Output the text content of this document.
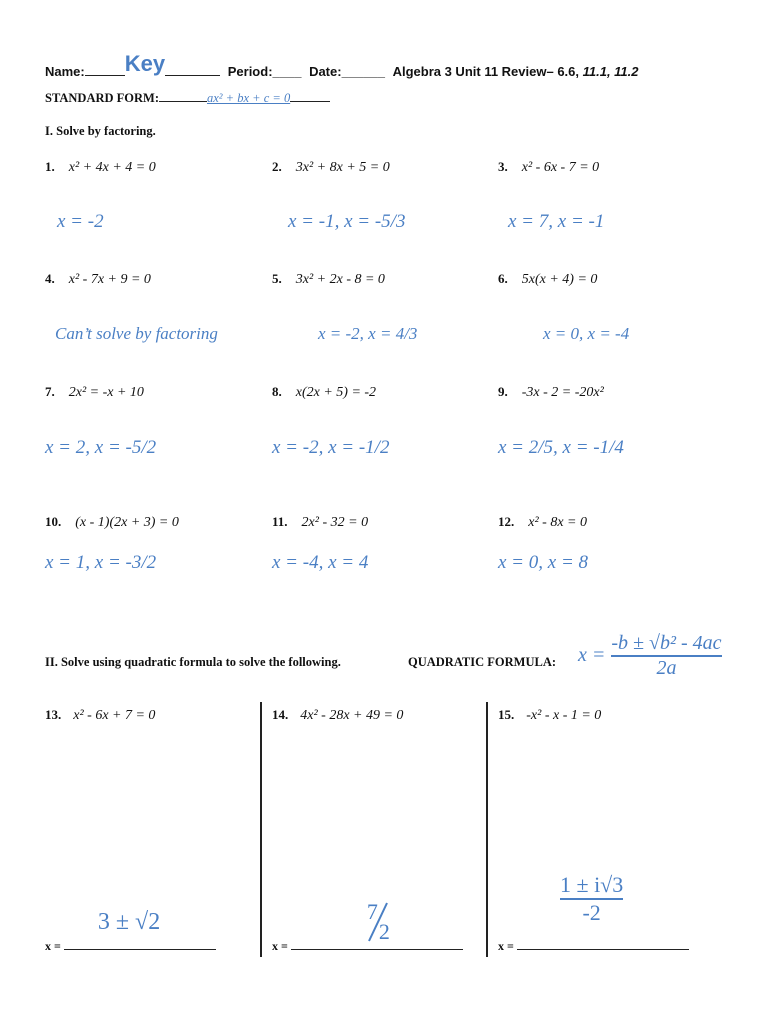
Name: Key	Period:____ Date:______ Algebra 3 Unit 11 Review– 6.6, 11.1, 11.2
STANDARD FORM:	ax² + bx + c = 0
I. Solve by factoring.
1. x² + 4x + 4 = 0
x = -2
2. 3x² + 8x + 5 = 0
x = -1, x = -5/3
3. x² - 6x - 7 = 0
x = 7, x = -1
4. x² - 7x + 9 = 0
Can’t solve by factoring
5. 3x² + 2x - 8 = 0
x = -2, x = 4/3
6. 5x(x + 4) = 0
x = 0, x = -4
7. 2x² = -x + 10
x = 2, x = -5/2
8. x(2x + 5) = -2
x = -2, x = -1/2
9. -3x - 2 = -20x²
x = 2/5, x = -1/4
10. (x - 1)(2x + 3) = 0
x = 1, x = -3/2
11. 2x² - 32 = 0
x = -4, x = 4
12. x² - 8x = 0
x = 0, x = 8
II. Solve using quadratic formula to solve the following.	QUADRATIC FORMULA: $x = \frac{\text{-b ± √b² - 4ac}}{2a}$
13. x² - 6x + 7 = 0
x =
3 ± √2
14. 4x² - 28x + 49 = 0
x =
7
2
15. -x² - x - 1 = 0
$\frac{1 \pm i√3}{-2}$
x =
